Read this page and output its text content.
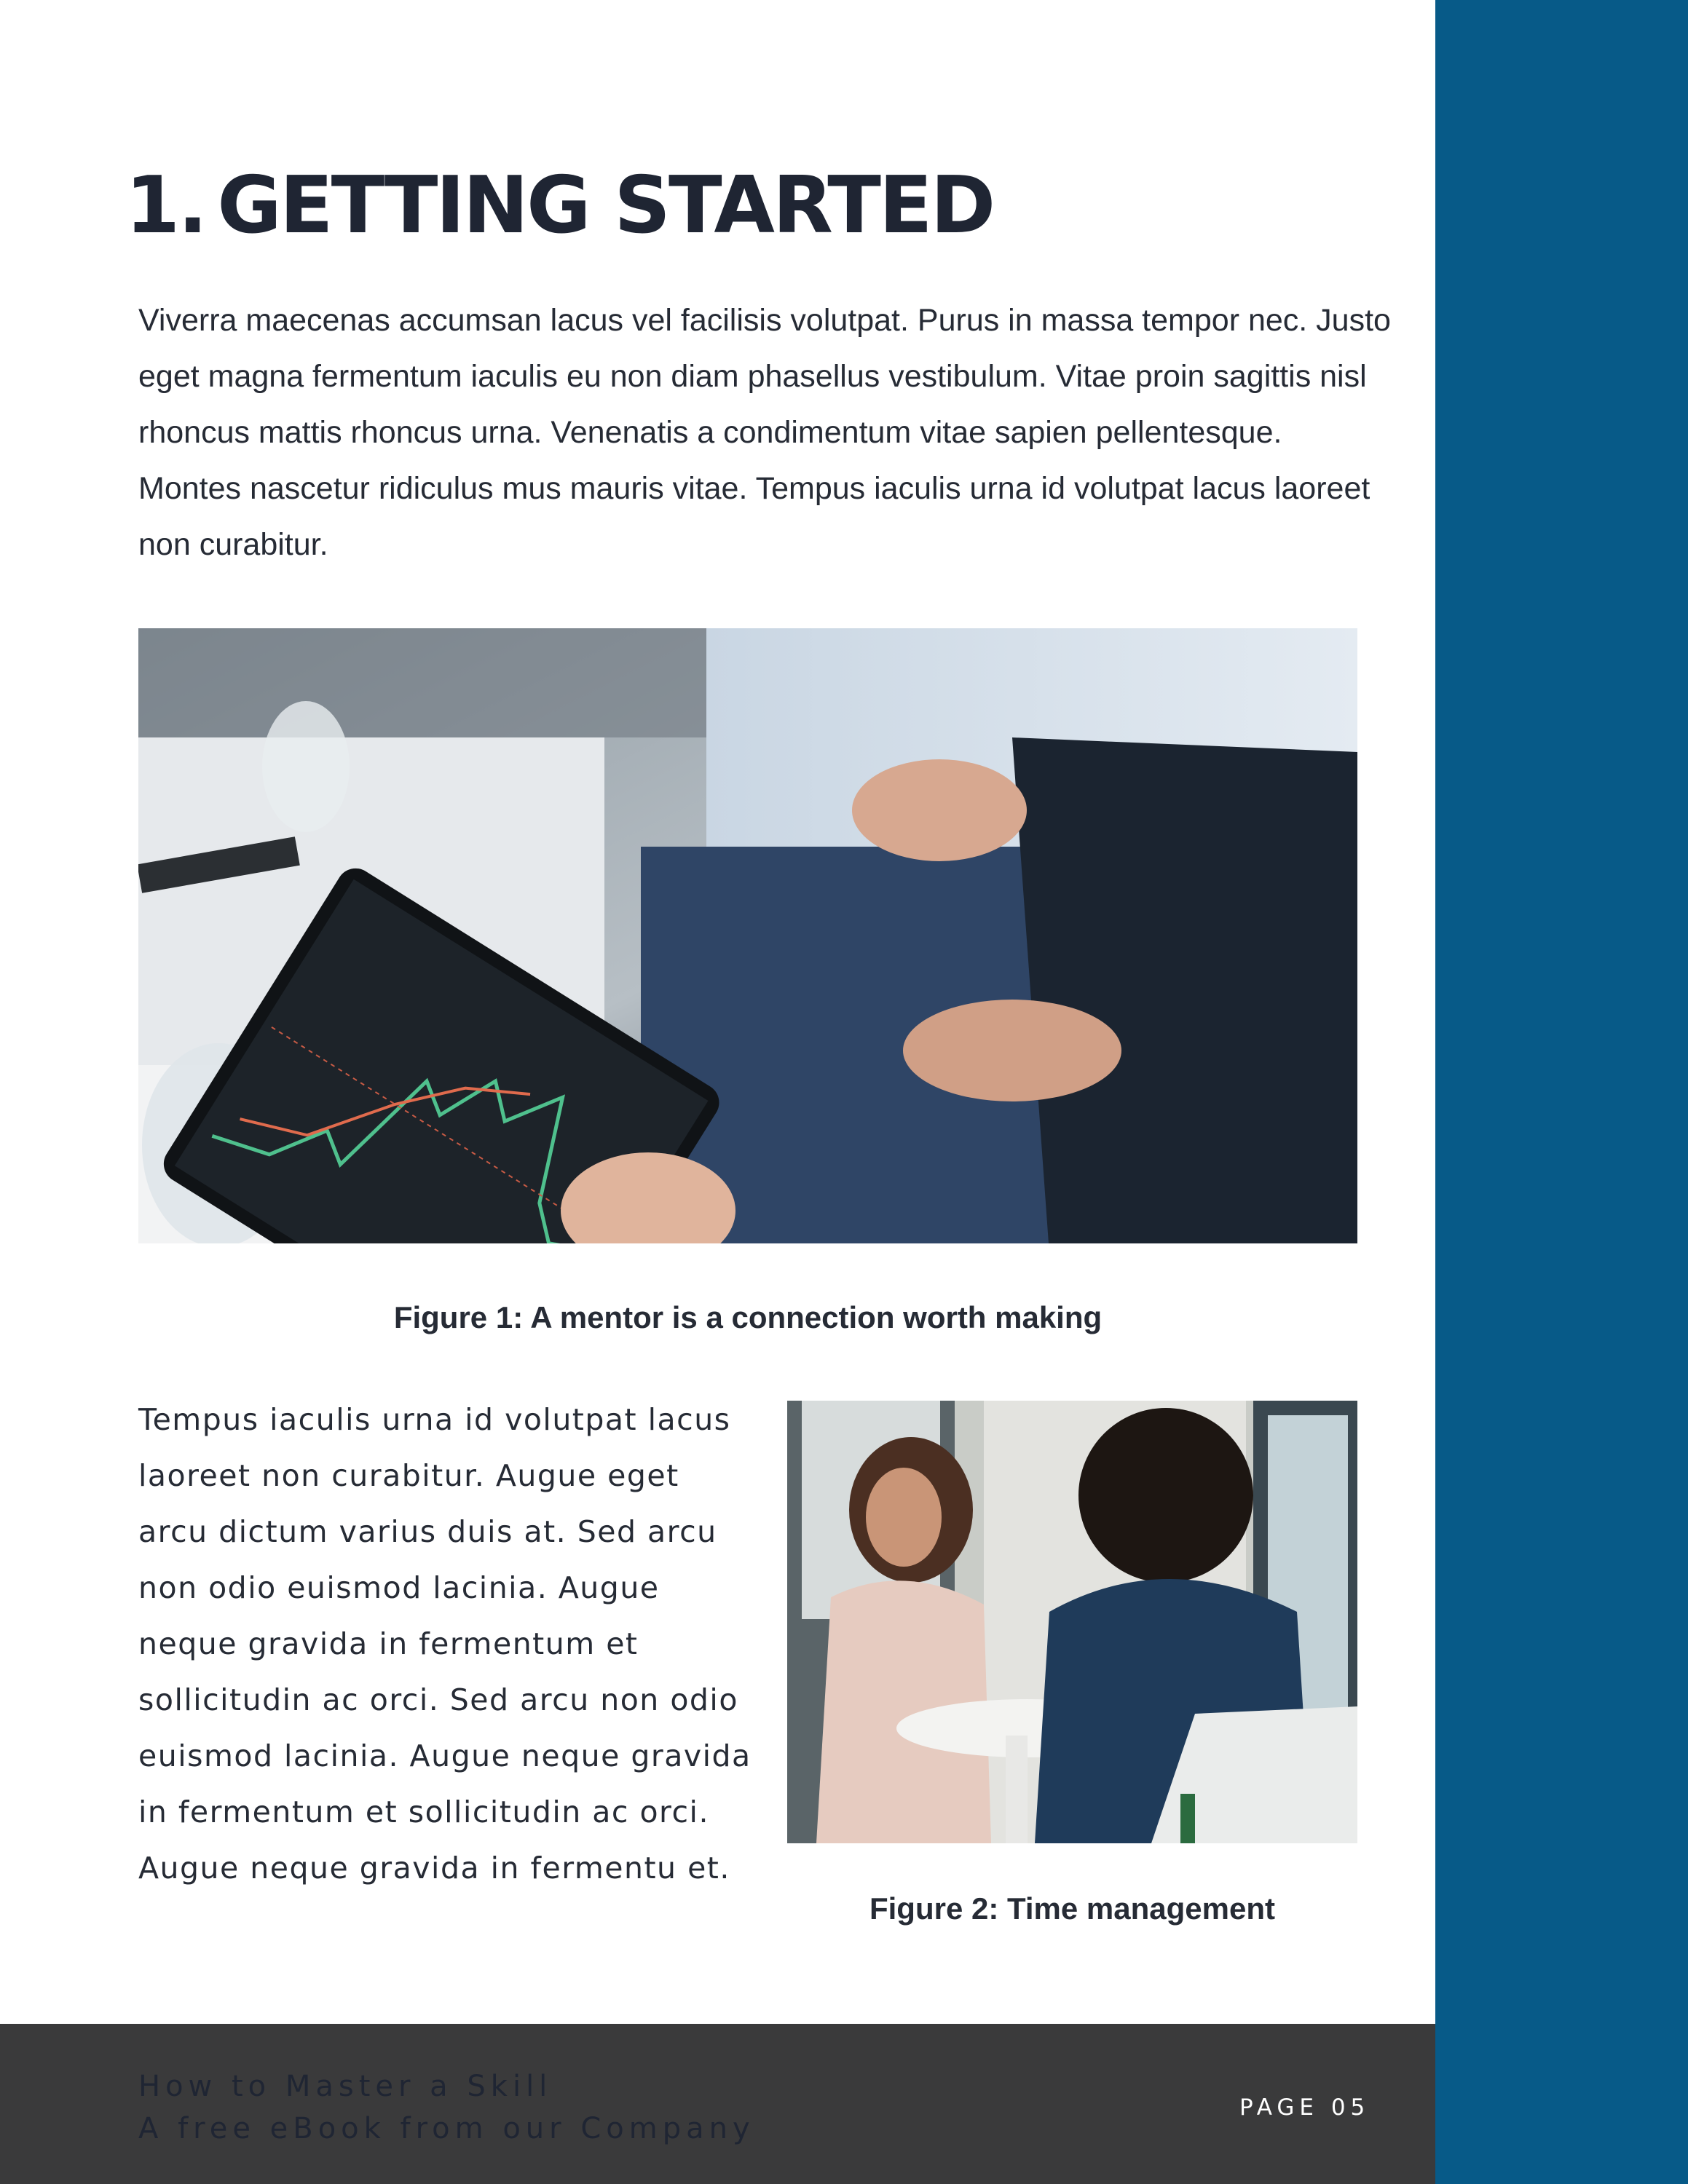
1. GETTING STARTED

Viverra maecenas accumsan lacus vel facilisis volutpat. Purus in massa tempor nec. Justo eget magna fermentum iaculis eu non diam phasellus vestibulum. Vitae proin sagittis nisl rhoncus mattis rhoncus urna. Venenatis a condimentum vitae sapien pellentesque. Montes nascetur ridiculus mus mauris vitae. Tempus iaculis urna id volutpat lacus laoreet non curabitur.

Figure 1: A mentor is a connection worth making

Tempus iaculis urna id volutpat lacus
laoreet non curabitur. Augue eget
arcu dictum varius duis at. Sed arcu
non odio euismod lacinia. Augue
neque gravida in fermentum et
sollicitudin ac orci. Sed arcu non odio
euismod lacinia. Augue neque gravida
in fermentum et sollicitudin ac orci.
Augue neque gravida in fermentu et.

Figure 2: Time management

How to Master a Skill

A free eBook from our Company
